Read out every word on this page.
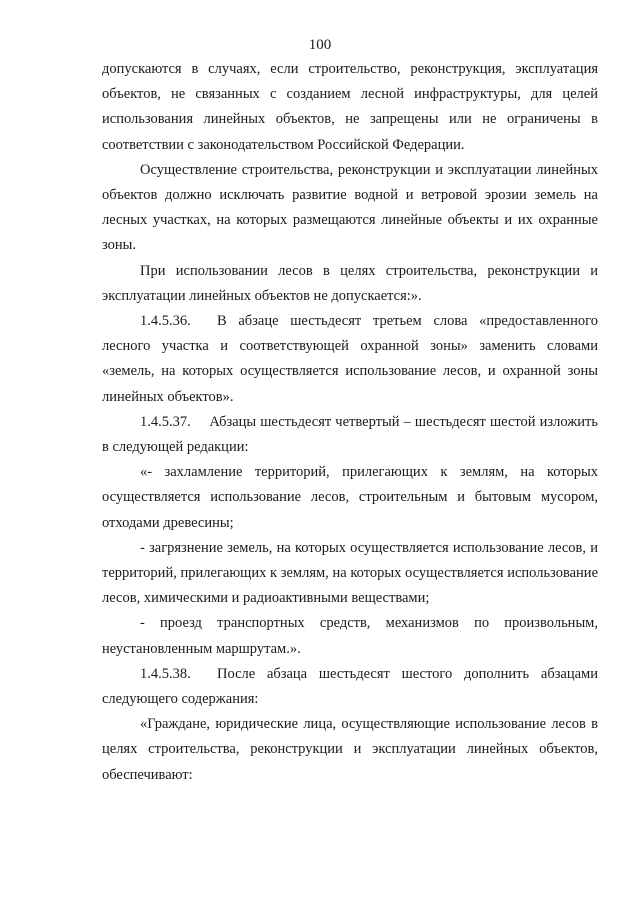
100

допускаются в случаях, если строительство, реконструкция, эксплуатация объектов, не связанных с созданием лесной инфраструктуры, для целей использования линейных объектов, не запрещены или не ограничены в соответствии с законодательством Российской Федерации.

Осуществление строительства, реконструкции и эксплуатации линейных объектов должно исключать развитие водной и ветровой эрозии земель на лесных участках, на которых размещаются линейные объекты и их охранные зоны.

При использовании лесов в целях строительства, реконструкции и эксплуатации линейных объектов не допускается:».

1.4.5.36.  В абзаце шестьдесят третьем слова «предоставленного лесного участка и соответствующей охранной зоны» заменить словами «земель, на которых осуществляется использование лесов, и охранной зоны линейных объектов».

1.4.5.37.  Абзацы шестьдесят четвертый – шестьдесят шестой изложить в следующей редакции:

«- захламление территорий, прилегающих к землям, на которых осуществляется использование лесов, строительным и бытовым мусором, отходами древесины;

- загрязнение земель, на которых осуществляется использование лесов, и территорий, прилегающих к землям, на которых осуществляется использование лесов, химическими и радиоактивными веществами;

- проезд транспортных средств, механизмов по произвольным, неустановленным маршрутам.».

1.4.5.38.  После абзаца шестьдесят шестого дополнить абзацами следующего содержания:

«Граждане, юридические лица, осуществляющие использование лесов в целях строительства, реконструкции и эксплуатации линейных объектов, обеспечивают:
